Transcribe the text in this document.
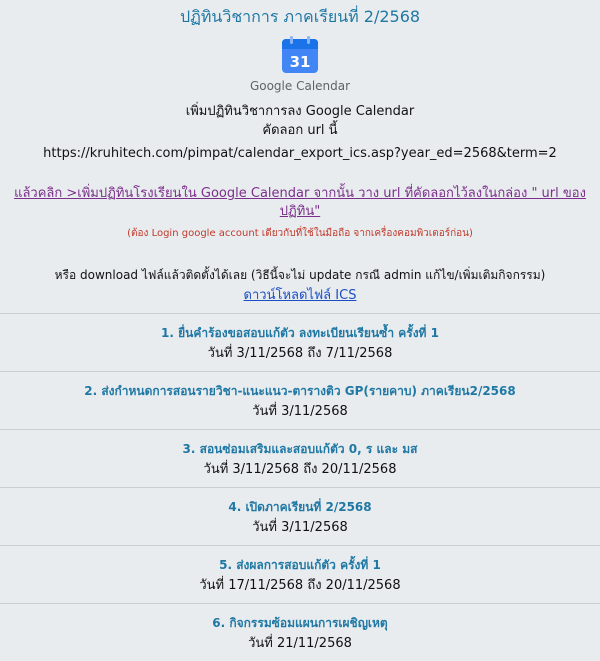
ปฏิทินวิชาการ ภาคเรียนที่ 2/2568
31
Google Calendar
เพิ่มปฏิทินวิชาการลง Google Calendar
คัดลอก url นี้
https://kruhitech.com/pimpat/calendar_export_ics.asp?year_ed=2568&term=2
แล้วคลิก >เพิ่มปฏิทินโรงเรียนใน Google Calendar จากนั้น วาง url ที่คัดลอกไว้ลงในกล่อง " url ของปฏิทิน"
(ต้อง Login google account เดียวกับที่ใช้ในมือถือ จากเครื่องคอมพิวเตอร์ก่อน)
หรือ download ไฟล์แล้วติดตั้งได้เลย (วิธีนี้จะไม่ update กรณี admin แก้ไข/เพิ่มเติมกิจกรรม)
ดาวน์โหลดไฟล์ ICS
1. ยื่นคำร้องขอสอบแก้ตัว ลงทะเบียนเรียนซ้ำ ครั้งที่ 1
วันที่ 3/11/2568 ถึง 7/11/2568
2. ส่งกำหนดการสอนรายวิชา-แนะแนว-ตารางติว GP(รายคาบ) ภาคเรียน2/2568
วันที่ 3/11/2568
3. สอนซ่อมเสริมและสอบแก้ตัว 0, ร และ มส
วันที่ 3/11/2568 ถึง 20/11/2568
4. เปิดภาคเรียนที่ 2/2568
วันที่ 3/11/2568
5. ส่งผลการสอบแก้ตัว ครั้งที่ 1
วันที่ 17/11/2568 ถึง 20/11/2568
6. กิจกรรมซ้อมแผนการเผชิญเหตุ
วันที่ 21/11/2568
